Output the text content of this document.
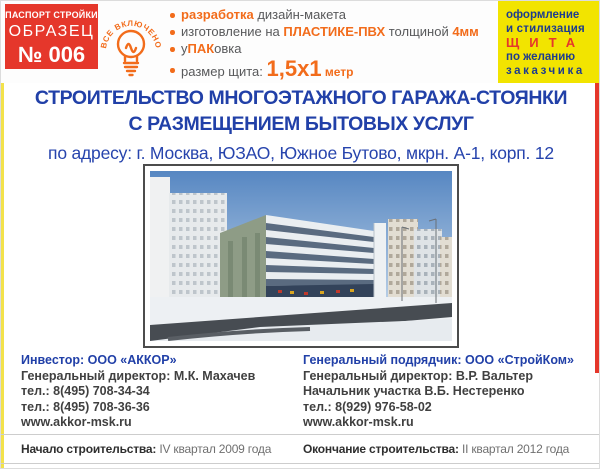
ПАСПОРТ СТРОЙКИ
ОБРАЗЕЦ
№ 006	ВСЕ ВКЛЮЧЕНО
разработка дизайн-макета
изготовление на ПЛАСТИКЕ-ПВХ толщиной 4мм
уПАКовка
размер щита: 1,5х1 метр
оформление
и стилизация
ЩИТА
по желанию
заказчика
СТРОИТЕЛЬСТВО МНОГОЭТАЖНОГО ГАРАЖА-СТОЯНКИ
С РАЗМЕЩЕНИЕМ БЫТОВЫХ УСЛУГ
по адресу: г. Москва, ЮЗАО, Южное Бутово, мкрн. А-1, корп. 12
Инвестор: ООО «АККОР»
Генеральный директор: М.К. Махачев
тел.: 8(495) 708-34-34
тел.: 8(495) 708-36-36
www.akkor-msk.ru
Генеральный подрядчик: ООО «СтройКом»
Генеральный директор: В.Р. Вальтер
Начальник участка В.Б. Нестеренко
тел.: 8(929) 976-58-02
www.akkor-msk.ru
Начало строительства: IV квартал 2009 года	Окончание строительства: II квартал 2012 года
